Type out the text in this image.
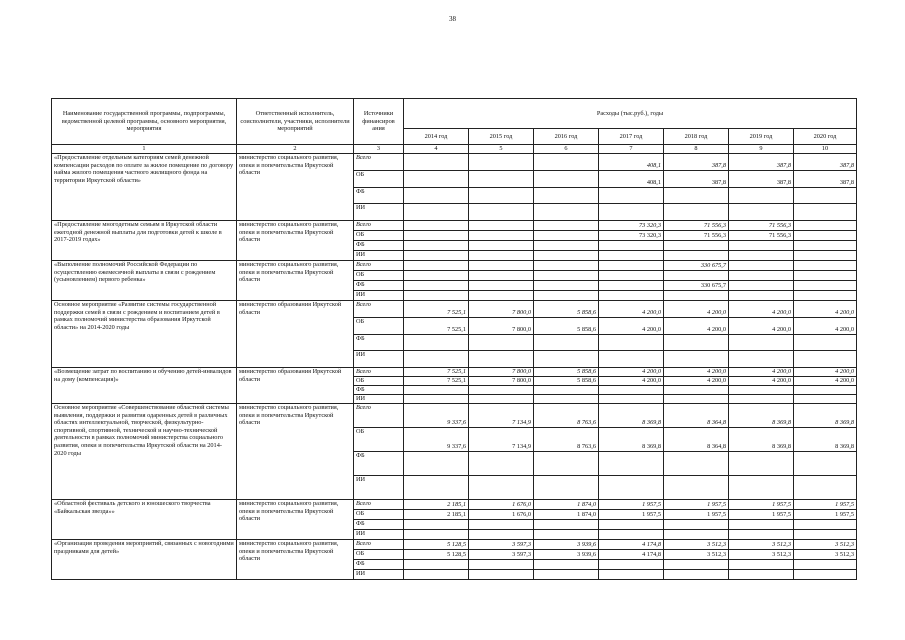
38
Наименование государственной программы, подпрограммы, ведомственной целевой программы, основного мероприятия, мероприятия	Ответственный исполнитель, соисполнители, участники, исполнители мероприятий	Источники финансиров ания	Расходы (тыс.руб.), годы						
			2014 год	2015 год	2016 год	2017 год	2018 год	2019 год	2020 год
1	2	3	4	5	6	7	8	9	10
«Предоставление отдельным категориям семей денежной компенсации расходов по оплате за жилое помещение по договору найма жилого помещения частного жилищного фонда на территории Иркутской области»	министерство социального развития, опеки и попечительства Иркутской области	Всего				408,1	387,8	387,8	387,8
		ОБ				408,1	387,8	387,8	387,8
		ФБ							
		ИИ							
«Предоставление многодетным семьям в Иркутской области ежегодной денежной выплаты для подготовки детей к школе в 2017-2019 годах»	министерство социального развития, опеки и попечительства Иркутской области	Всего				73 320,3	71 556,3	71 556,3	
		ОБ				73 320,3	71 556,3	71 556,3	
		ФБ							
		ИИ							
«Выполнение полномочий Российской Федерации по осуществлению ежемесячной выплаты в связи с рождением (усыновлением) первого ребенка»	министерство социального развития, опеки и попечительства Иркутской области	Всего					330 675,7		
		ОБ							
		ФБ					330 675,7		
		ИИ							
Основное мероприятие «Развитие системы государственной поддержки семей в связи с рождением и воспитанием детей в рамках полномочий министерства образования Иркутской области» на 2014-2020 годы	министерство образования Иркутской области	Всего	7 525,1	7 800,0	5 858,6	4 200,0	4 200,0	4 200,0	4 200,0
		ОБ	7 525,1	7 800,0	5 858,6	4 200,0	4 200,0	4 200,0	4 200,0
		ФБ							
		ИИ							
«Возмещение затрат по воспитанию и обучению детей-инвалидов на дому (компенсация)»	министерство образования Иркутской области	Всего	7 525,1	7 800,0	5 858,6	4 200,0	4 200,0	4 200,0	4 200,0
		ОБ	7 525,1	7 800,0	5 858,6	4 200,0	4 200,0	4 200,0	4 200,0
		ФБ							
		ИИ							
Основное мероприятие «Совершенствование областной системы выявления, поддержки и развития одаренных детей в различных областях интеллектуальной, творческой, физкультурно-спортивной, спортивной, технической и научно-технической деятельности в рамках полномочий министерства социального развития, опеки и попечительства Иркутской области на 2014-2020 годы	министерство социального развития, опеки и попечительства Иркутской области	Всего	9 337,6	7 134,9	8 763,6	8 369,8	8 364,8	8 369,8	8 369,8
		ОБ	9 337,6	7 134,9	8 763,6	8 369,8	8 364,8	8 369,8	8 369,8
		ФБ							
		ИИ							
«Областной фестиваль детского и юношеского творчества «Байкальская звезда»»	министерство социального развития, опеки и попечительства Иркутской области	Всего	2 185,1	1 676,0	1 874,0	1 957,5	1 957,5	1 957,5	1 957,5
		ОБ	2 185,1	1 676,0	1 874,0	1 957,5	1 957,5	1 957,5	1 957,5
		ФБ							
		ИИ							
«Организация проведения мероприятий, связанных с новогодними праздниками для детей»	министерство социального развития, опеки и попечительства Иркутской области	Всего	5 128,5	3 597,3	3 939,6	4 174,8	3 512,3	3 512,3	3 512,3
		ОБ	5 128,5	3 597,3	3 939,6	4 174,8	3 512,3	3 512,3	3 512,3
		ФБ							
		ИИ							
